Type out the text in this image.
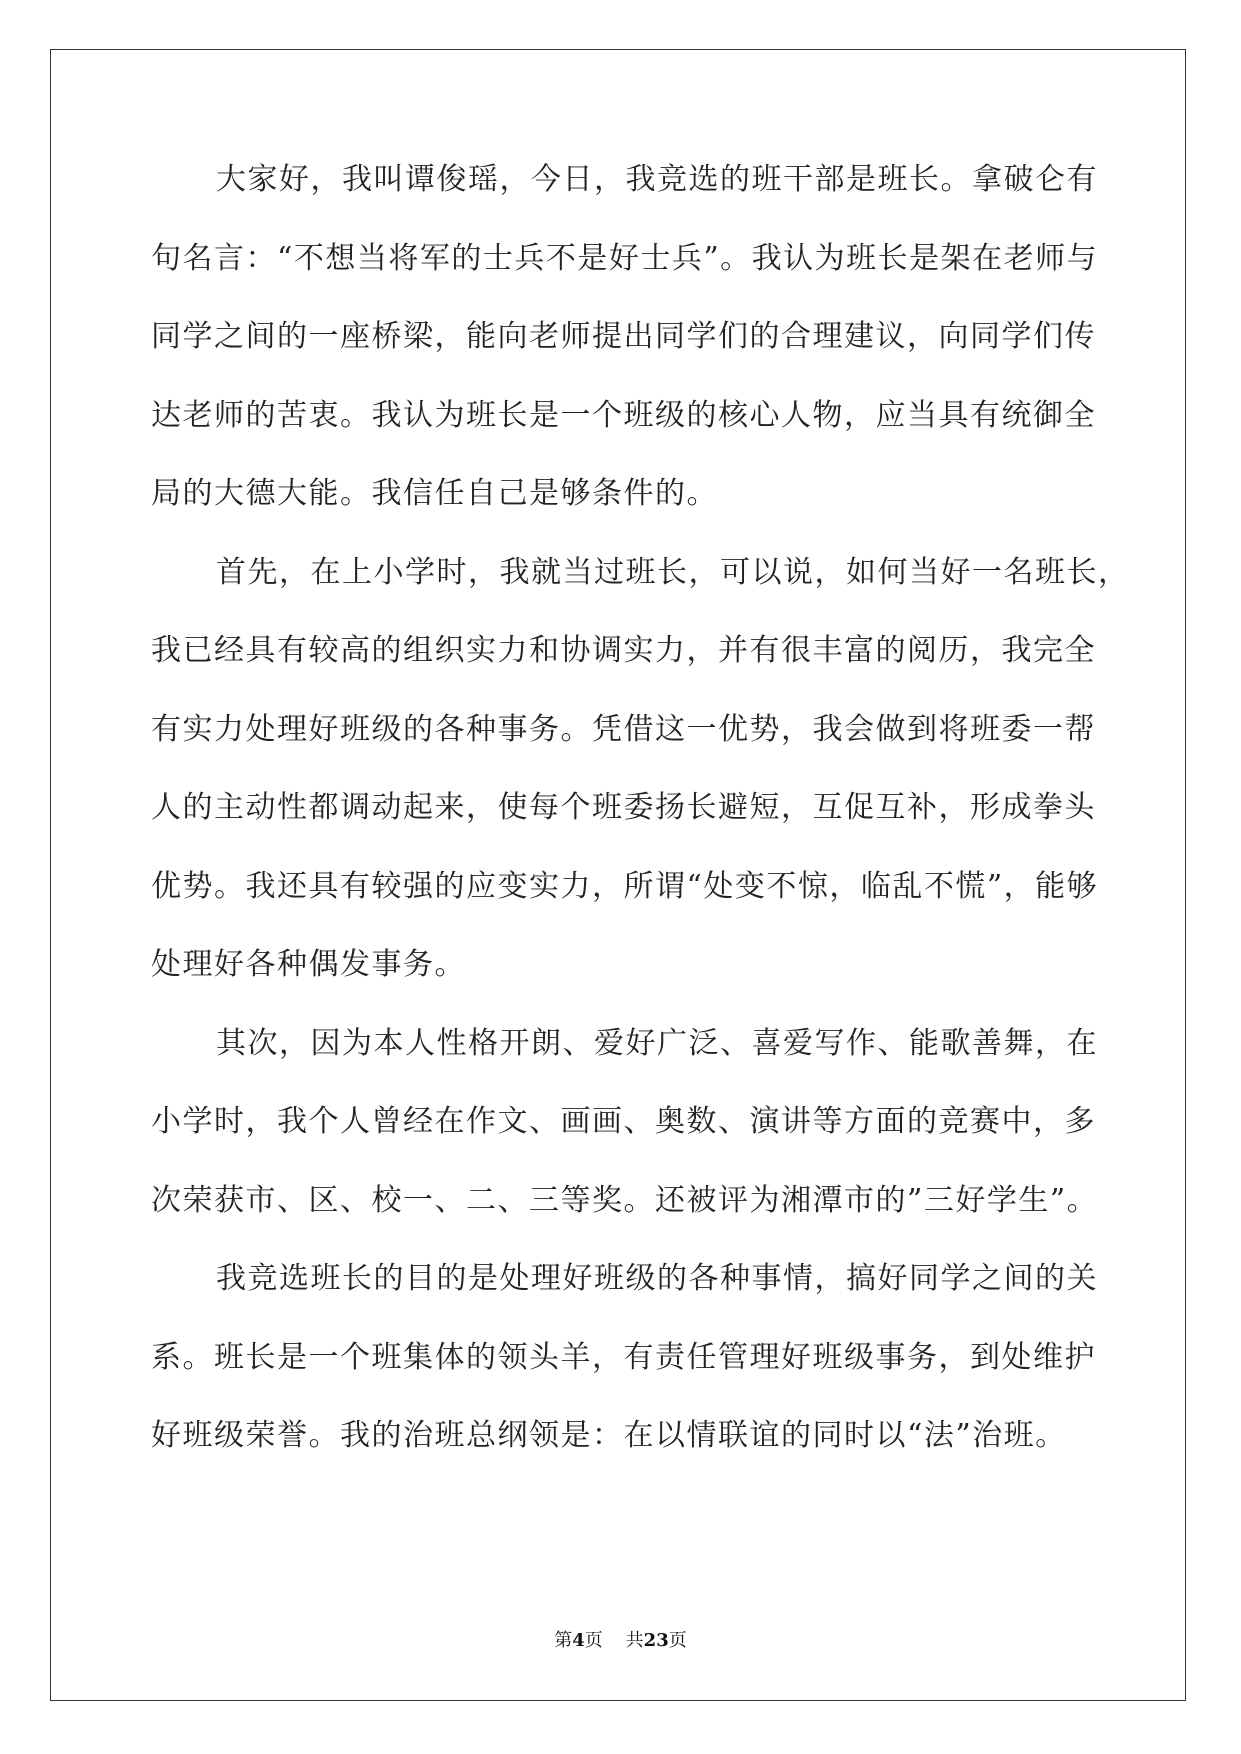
大家好，我叫谭俊瑶，今日，我竞选的班干部是班长。拿破仑有
句名言：“不想当将军的士兵不是好士兵”。我认为班长是架在老师与
同学之间的一座桥梁，能向老师提出同学们的合理建议，向同学们传
达老师的苦衷。我认为班长是一个班级的核心人物，应当具有统御全
局的大德大能。我信任自己是够条件的。
首先，在上小学时，我就当过班长，可以说，如何当好一名班长，
我已经具有较高的组织实力和协调实力，并有很丰富的阅历，我完全
有实力处理好班级的各种事务。凭借这一优势，我会做到将班委一帮
人的主动性都调动起来，使每个班委扬长避短，互促互补，形成拳头
优势。我还具有较强的应变实力，所谓“处变不惊，临乱不慌”，能够
处理好各种偶发事务。
其次，因为本人性格开朗、爱好广泛、喜爱写作、能歌善舞，在
小学时，我个人曾经在作文、画画、奥数、演讲等方面的竞赛中，多
次荣获市、区、校一、二、三等奖。还被评为湘潭市的”三好学生”。
我竞选班长的目的是处理好班级的各种事情，搞好同学之间的关
系。班长是一个班集体的领头羊，有责任管理好班级事务，到处维护
好班级荣誉。我的治班总纲领是：在以情联谊的同时以“法”治班。
第4页 共23页
